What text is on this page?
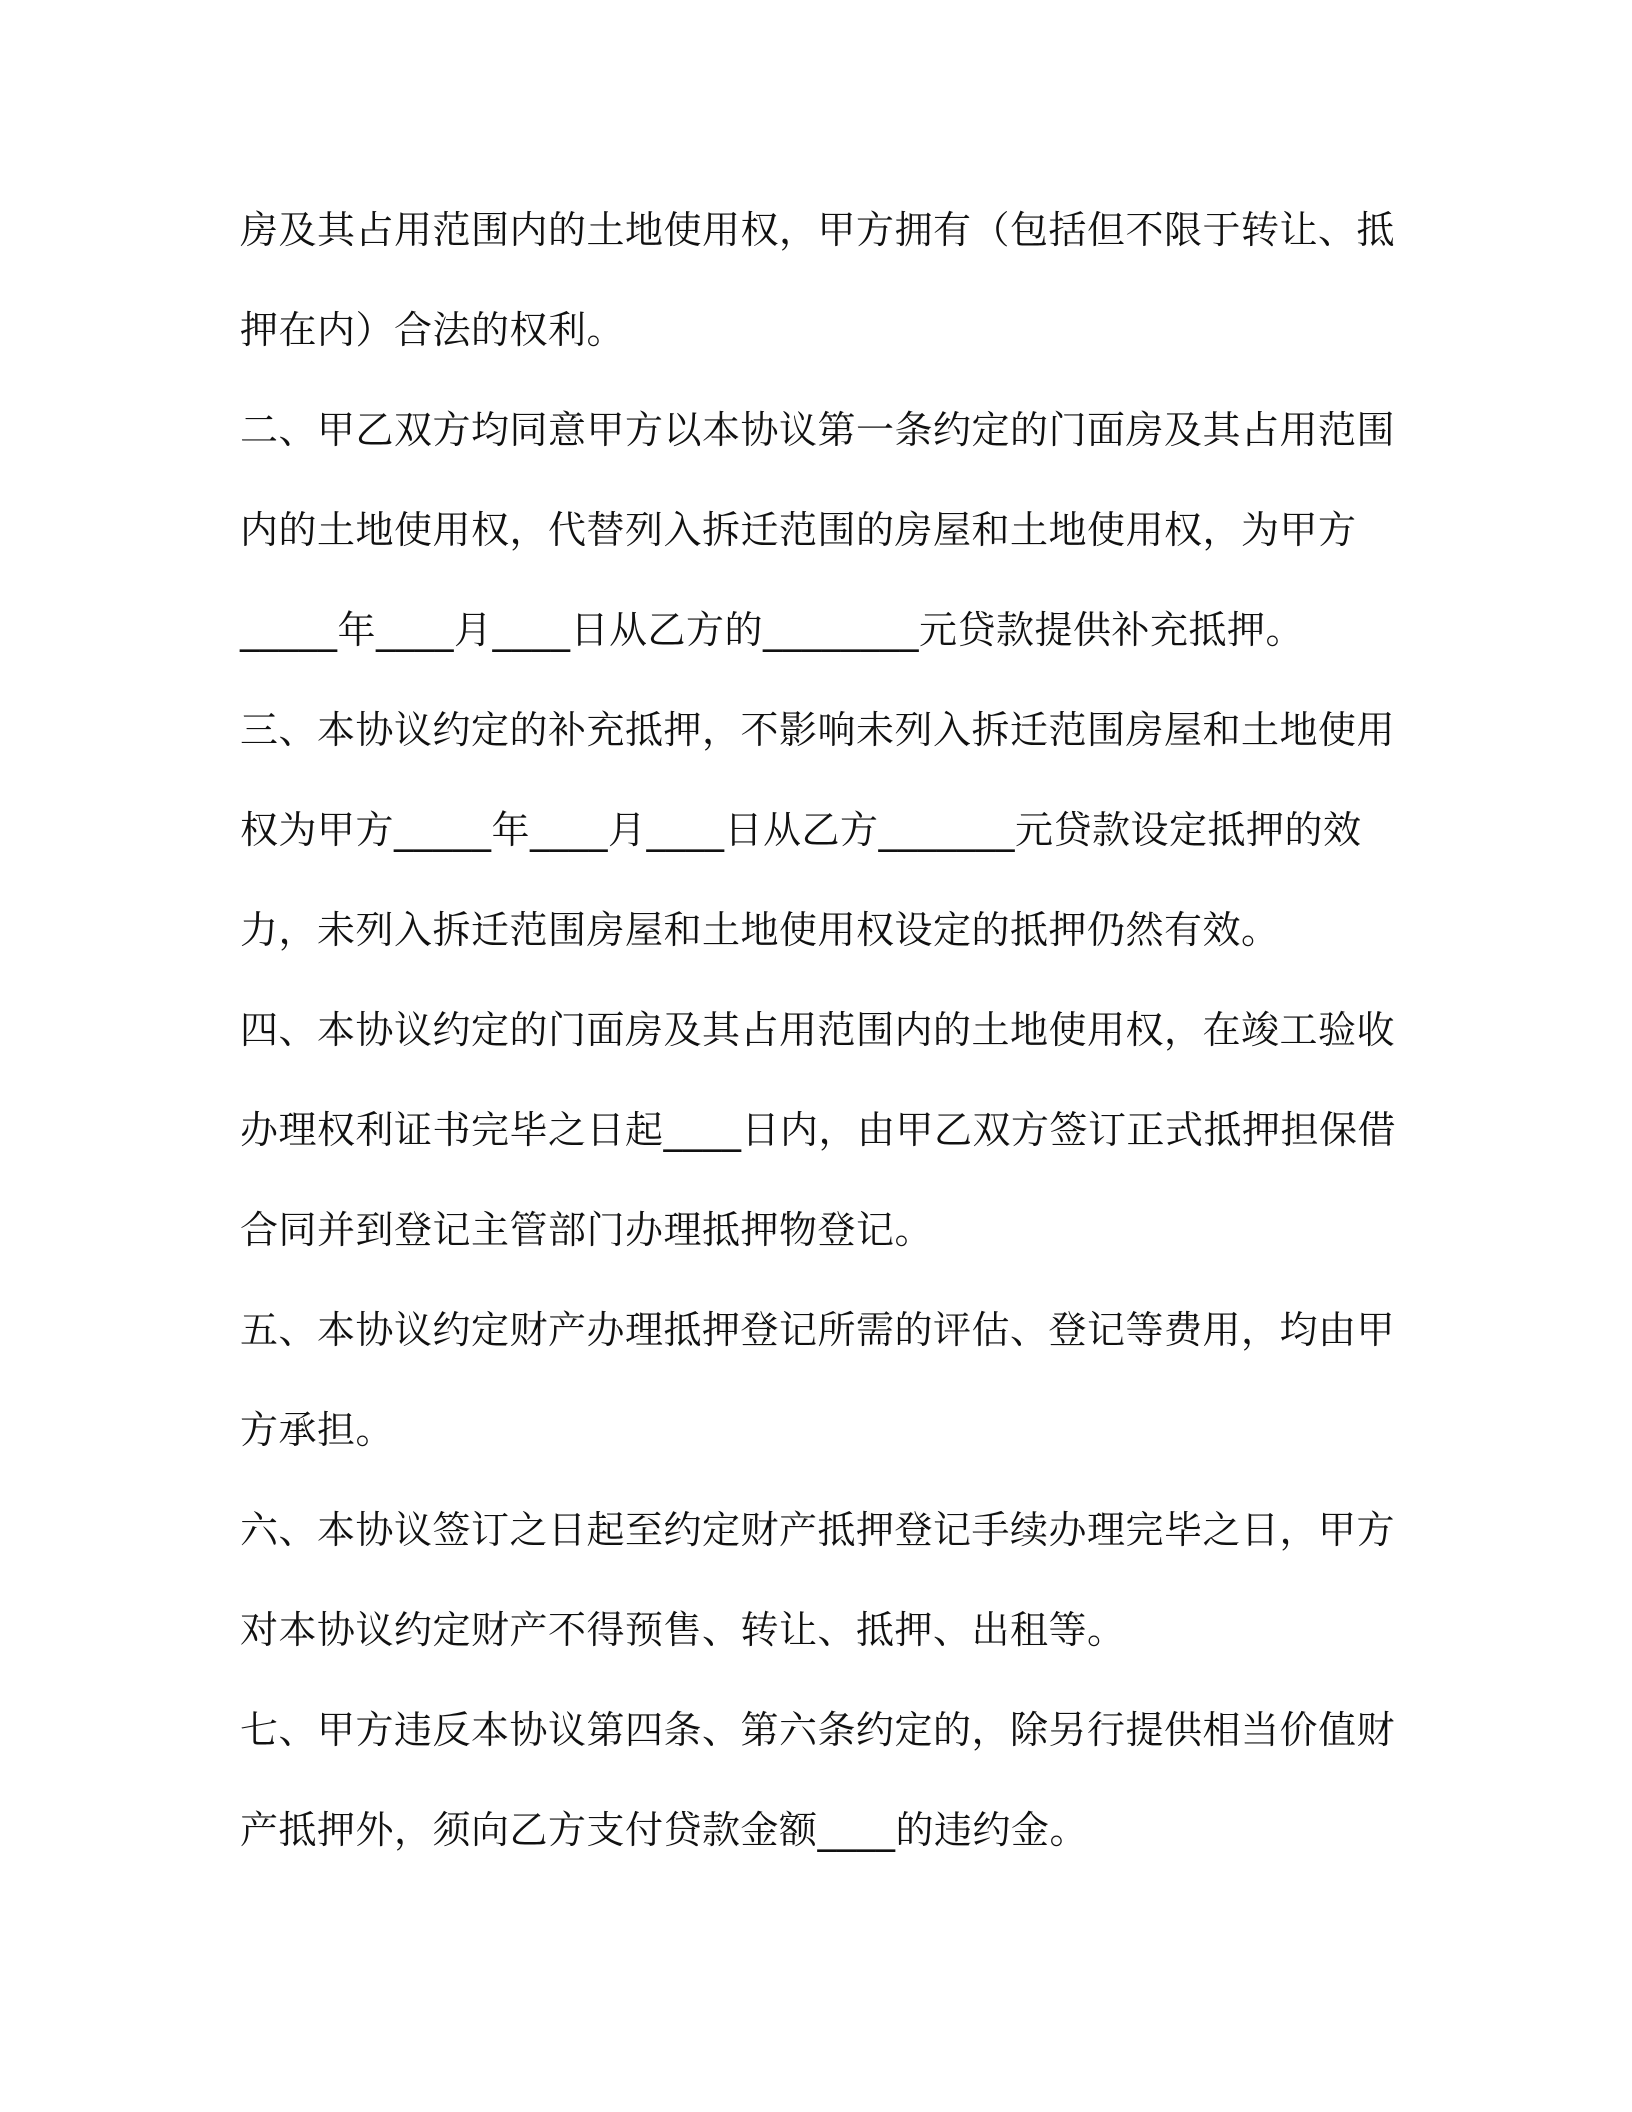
房及其占用范围内的土地使用权，甲方拥有（包括但不限于转让、抵
押在内）合法的权利。
二、甲乙双方均同意甲方以本协议第一条约定的门面房及其占用范围
内的土地使用权，代替列入拆迁范围的房屋和土地使用权，为甲方
_____年____月____日从乙方的________元贷款提供补充抵押。
三、本协议约定的补充抵押，不影响未列入拆迁范围房屋和土地使用
权为甲方_____年____月____日从乙方_______元贷款设定抵押的效
力，未列入拆迁范围房屋和土地使用权设定的抵押仍然有效。
四、本协议约定的门面房及其占用范围内的土地使用权，在竣工验收
办理权利证书完毕之日起____日内，由甲乙双方签订正式抵押担保借
合同并到登记主管部门办理抵押物登记。
五、本协议约定财产办理抵押登记所需的评估、登记等费用，均由甲
方承担。
六、本协议签订之日起至约定财产抵押登记手续办理完毕之日，甲方
对本协议约定财产不得预售、转让、抵押、出租等。
七、甲方违反本协议第四条、第六条约定的，除另行提供相当价值财
产抵押外，须向乙方支付贷款金额____的违约金。
